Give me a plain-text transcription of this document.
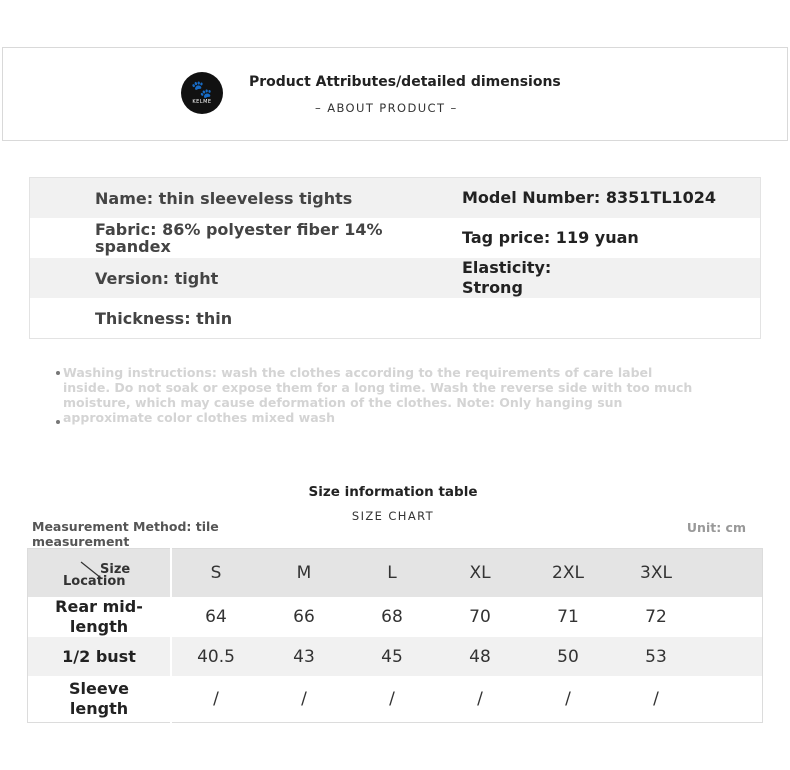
🐾
KELME
Product Attributes/detailed dimensions
– ABOUT PRODUCT –
Name: thin sleeveless tights	Model Number: 8351TL1024
Fabric: 86% polyester fiber 14% spandex	Tag price: 119 yuan
Version: tight	Elasticity: Strong

Thickness: thin	
Washing instructions: wash the clothes according to the requirements of care label inside. Do not soak or expose them for a long time. Wash the reverse side with too much moisture, which may cause deformation of the clothes. Note: Only hanging sun approximate color clothes mixed wash
Size information table
SIZE CHART
Measurement Method: tile measurement
Unit: cm
Size
Location	S	M	L	XL	2XL	3XL	

Rear mid-length	64	66	68	70	71	72	
1/2 bust	40.5	43	45	48	50	53	

Sleeve length	/	/	/	/	/	/	
